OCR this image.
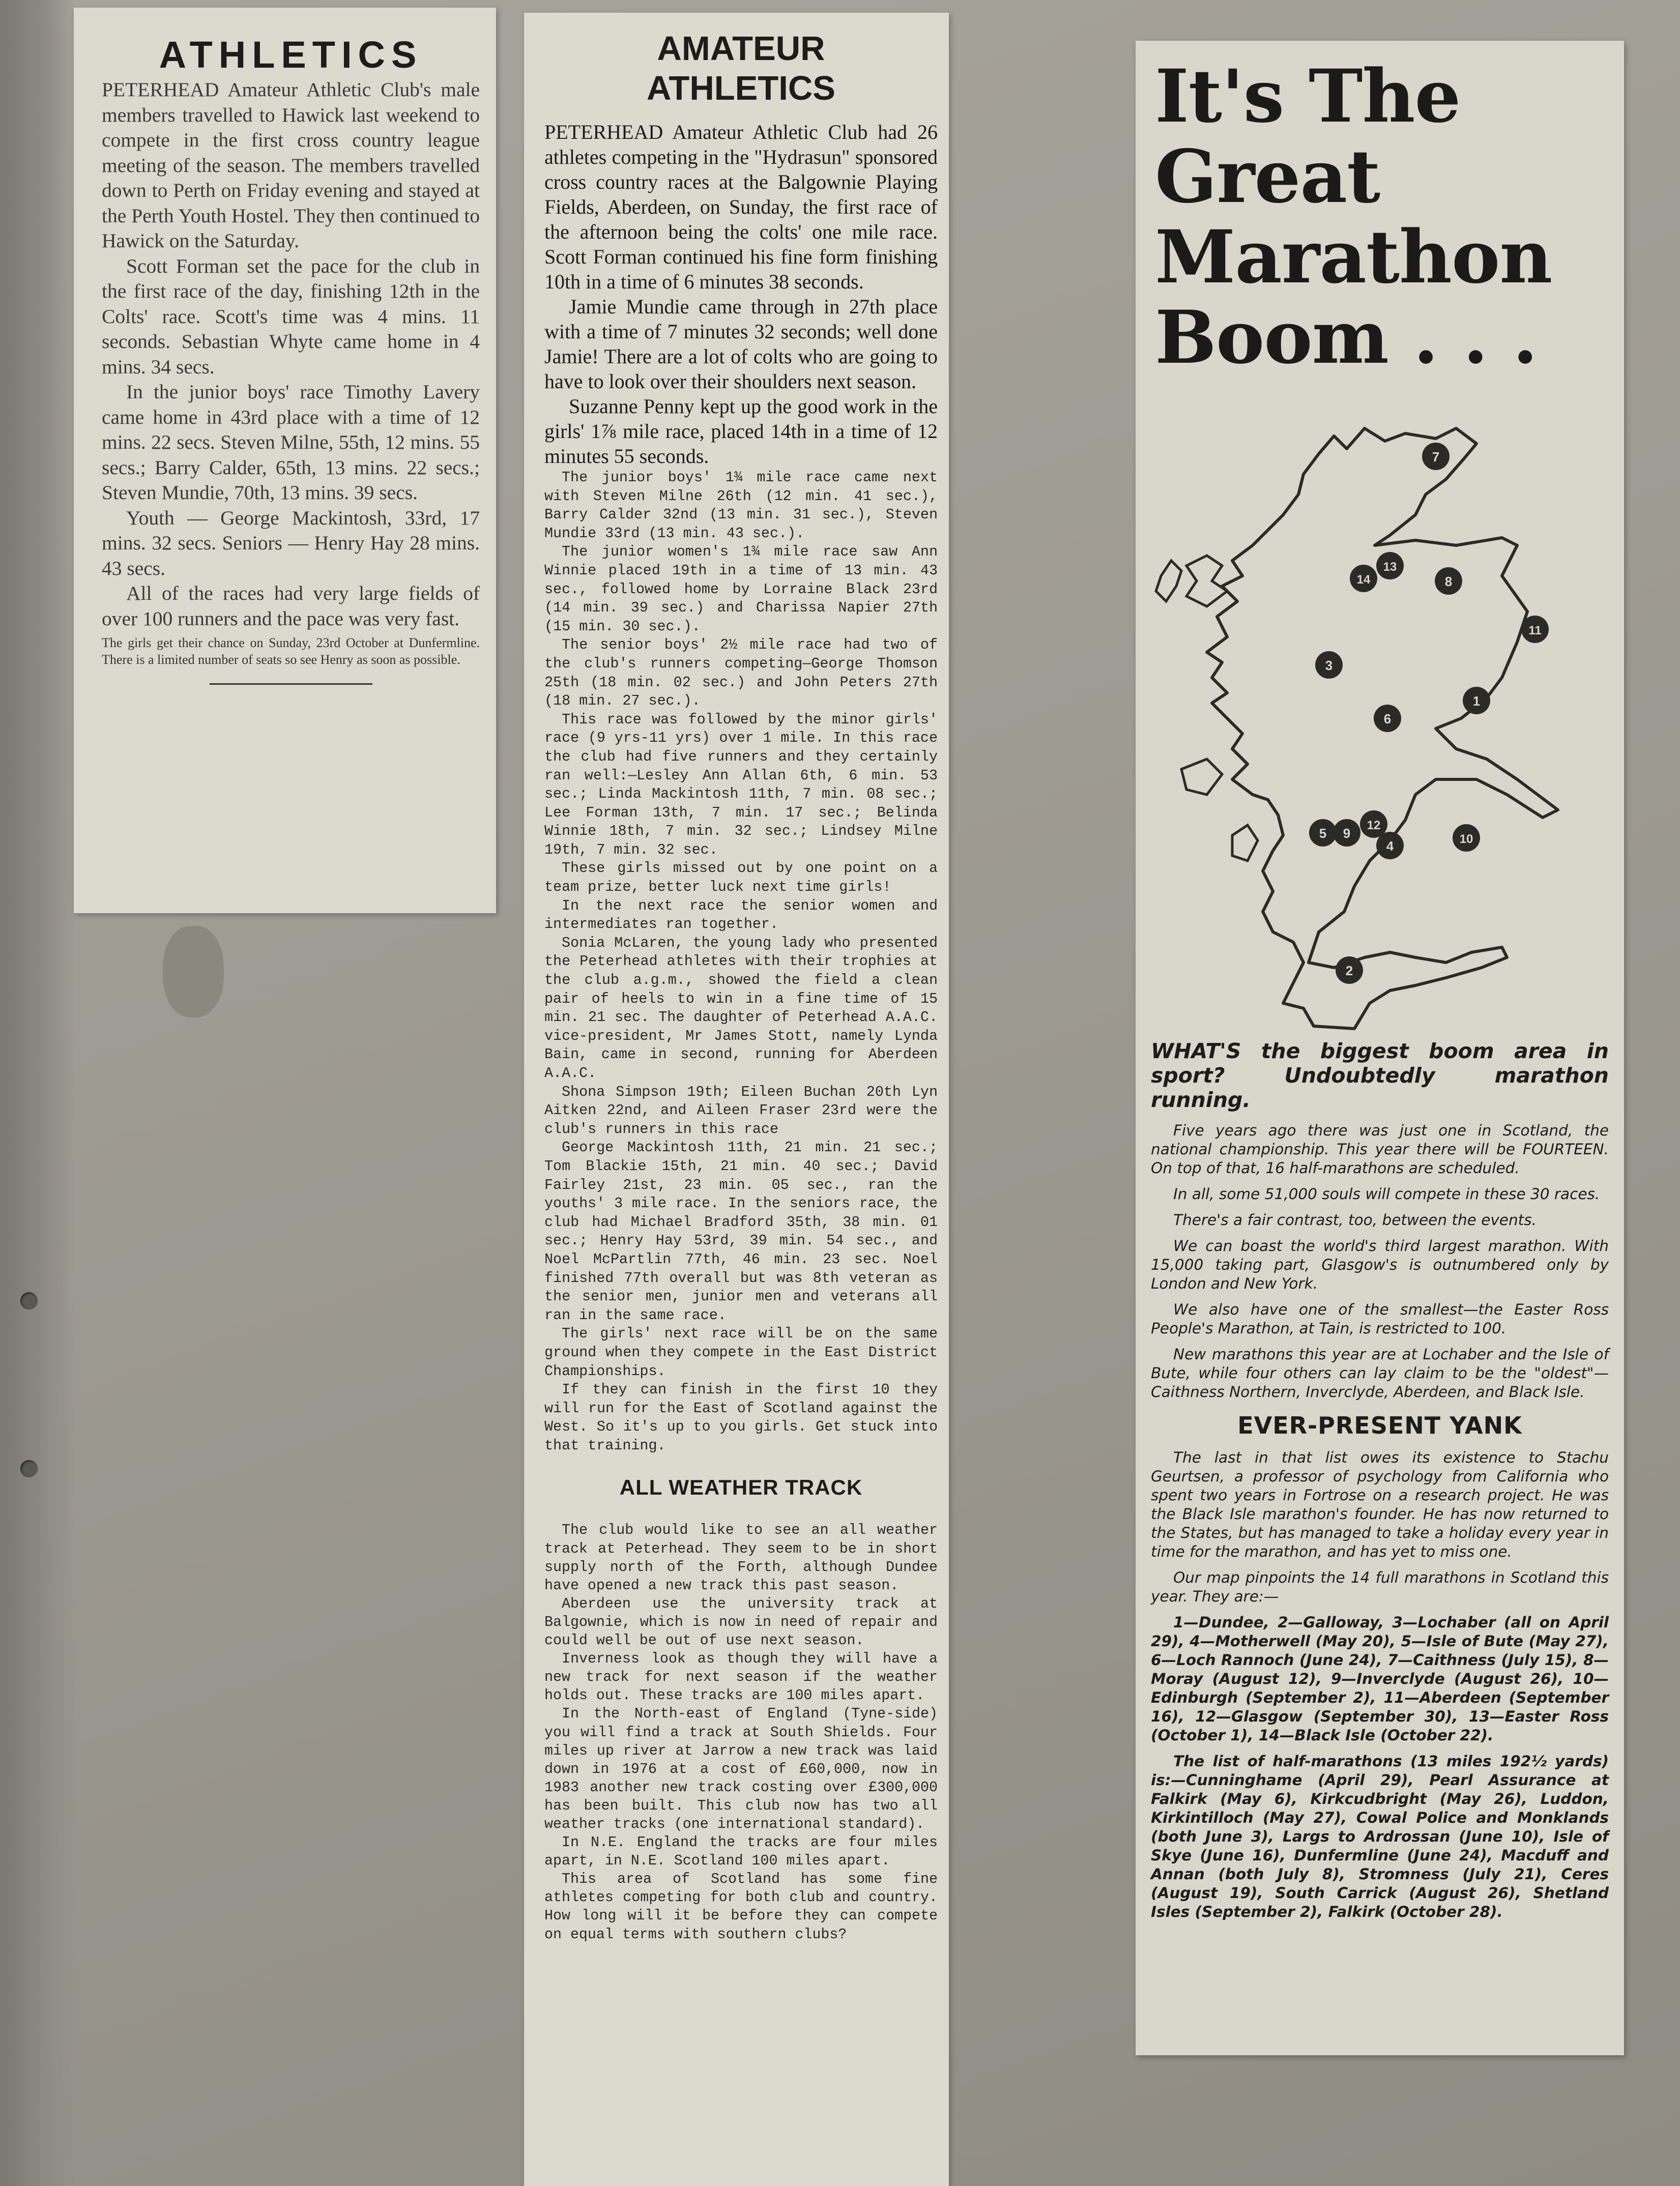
ATHLETICS

PETERHEAD Amateur Athletic Club's male members travelled to Hawick last weekend to compete in the first cross country league meeting of the season. The members travelled down to Perth on Friday evening and stayed at the Perth Youth Hostel. They then continued to Hawick on the Saturday.

Scott Forman set the pace for the club in the first race of the day, finishing 12th in the Colts' race. Scott's time was 4 mins. 11 seconds. Sebastian Whyte came home in 4 mins. 34 secs.

In the junior boys' race Timothy Lavery came home in 43rd place with a time of 12 mins. 22 secs. Steven Milne, 55th, 12 mins. 55 secs.; Barry Calder, 65th, 13 mins. 22 secs.; Steven Mundie, 70th, 13 mins. 39 secs.

Youth — George Mackintosh, 33rd, 17 mins. 32 secs. Seniors — Henry Hay 28 mins. 43 secs.

All of the races had very large fields of over 100 runners and the pace was very fast.

The girls get their chance on Sunday, 23rd October at Dunfermline. There is a limited number of seats so see Henry as soon as possible.

AMATEUR
ATHLETICS

PETERHEAD Amateur Athletic Club had 26 athletes competing in the "Hydrasun" sponsored cross country races at the Balgownie Playing Fields, Aberdeen, on Sunday, the first race of the afternoon being the colts' one mile race. Scott Forman continued his fine form finishing 10th in a time of 6 minutes 38 seconds.

Jamie Mundie came through in 27th place with a time of 7 minutes 32 seconds; well done Jamie! There are a lot of colts who are going to have to look over their shoulders next season.

Suzanne Penny kept up the good work in the girls' 1⅞ mile race, placed 14th in a time of 12 minutes 55 seconds.

The junior boys' 1¾ mile race came next with Steven Milne 26th (12 min. 41 sec.), Barry Calder 32nd (13 min. 31 sec.), Steven Mundie 33rd (13 min. 43 sec.).

The junior women's 1¾ mile race saw Ann Winnie placed 19th in a time of 13 min. 43 sec., followed home by Lorraine Black 23rd (14 min. 39 sec.) and Charissa Napier 27th (15 min. 30 sec.).

The senior boys' 2½ mile race had two of the club's runners competing—George Thomson 25th (18 min. 02 sec.) and John Peters 27th (18 min. 27 sec.).

This race was followed by the minor girls' race (9 yrs-11 yrs) over 1 mile. In this race the club had five runners and they certainly ran well:—Lesley Ann Allan 6th, 6 min. 53 sec.; Linda Mackintosh 11th, 7 min. 08 sec.; Lee Forman 13th, 7 min. 17 sec.; Belinda Winnie 18th, 7 min. 32 sec.; Lindsey Milne 19th, 7 min. 32 sec.

These girls missed out by one point on a team prize, better luck next time girls!

In the next race the senior women and intermediates ran together.

Sonia McLaren, the young lady who presented the Peterhead athletes with their trophies at the club a.g.m., showed the field a clean pair of heels to win in a fine time of 15 min. 21 sec. The daughter of Peterhead A.A.C. vice-president, Mr James Stott, namely Lynda Bain, came in second, running for Aberdeen A.A.C.

Shona Simpson 19th; Eileen Buchan 20th Lyn Aitken 22nd, and Aileen Fraser 23rd were the club's runners in this race

George Mackintosh 11th, 21 min. 21 sec.; Tom Blackie 15th, 21 min. 40 sec.; David Fairley 21st, 23 min. 05 sec., ran the youths' 3 mile race. In the seniors race, the club had Michael Bradford 35th, 38 min. 01 sec.; Henry Hay 53rd, 39 min. 54 sec., and Noel McPartlin 77th, 46 min. 23 sec. Noel finished 77th overall but was 8th veteran as the senior men, junior men and veterans all ran in the same race.

The girls' next race will be on the same ground when they compete in the East District Championships.

If they can finish in the first 10 they will run for the East of Scotland against the West. So it's up to you girls. Get stuck into that training.

ALL WEATHER TRACK

The club would like to see an all weather track at Peterhead. They seem to be in short supply north of the Forth, although Dundee have opened a new track this past season.

Aberdeen use the university track at Balgownie, which is now in need of repair and could well be out of use next season.

Inverness look as though they will have a new track for next season if the weather holds out. These tracks are 100 miles apart.

In the North-east of England (Tyne-side) you will find a track at South Shields. Four miles up river at Jarrow a new track was laid down in 1976 at a cost of £60,000, now in 1983 another new track costing over £300,000 has been built. This club now has two all weather tracks (one international standard).

In N.E. England the tracks are four miles apart, in N.E. Scotland 100 miles apart.

This area of Scotland has some fine athletes competing for both club and country. How long will it be before they can compete on equal terms with southern clubs?

It's The
Great
Marathon
Boom . . .
1
2
3
4
5
6
7
8
9	10
11
12
13
14

WHAT'S the biggest boom area in sport? Undoubtedly marathon running.

Five years ago there was just one in Scotland, the national championship. This year there will be FOURTEEN. On top of that, 16 half-marathons are scheduled.

In all, some 51,000 souls will compete in these 30 races.

There's a fair contrast, too, between the events.

We can boast the world's third largest marathon. With 15,000 taking part, Glasgow's is outnumbered only by London and New York.

We also have one of the smallest—the Easter Ross People's Marathon, at Tain, is restricted to 100.

New marathons this year are at Lochaber and the Isle of Bute, while four others can lay claim to be the "oldest"—Caithness Northern, Inverclyde, Aberdeen, and Black Isle.

EVER-PRESENT YANK

The last in that list owes its existence to Stachu Geurtsen, a professor of psychology from California who spent two years in Fortrose on a research project. He was the Black Isle marathon's founder. He has now returned to the States, but has managed to take a holiday every year in time for the marathon, and has yet to miss one.

Our map pinpoints the 14 full marathons in Scotland this year. They are:—

1—Dundee, 2—Galloway, 3—Lochaber (all on April 29), 4—Motherwell (May 20), 5—Isle of Bute (May 27), 6—Loch Rannoch (June 24), 7—Caithness (July 15), 8—Moray (August 12), 9—Inverclyde (August 26), 10—Edinburgh (September 2), 11—Aberdeen (September 16), 12—Glasgow (September 30), 13—Easter Ross (October 1), 14—Black Isle (October 22).

The list of half-marathons (13 miles 192½ yards) is:—Cunninghame (April 29), Pearl Assurance at Falkirk (May 6), Kirkcudbright (May 26), Luddon, Kirkintilloch (May 27), Cowal Police and Monklands (both June 3), Largs to Ardrossan (June 10), Isle of Skye (June 16), Dunfermline (June 24), Macduff and Annan (both July 8), Stromness (July 21), Ceres (August 19), South Carrick (August 26), Shetland Isles (September 2), Falkirk (October 28).
